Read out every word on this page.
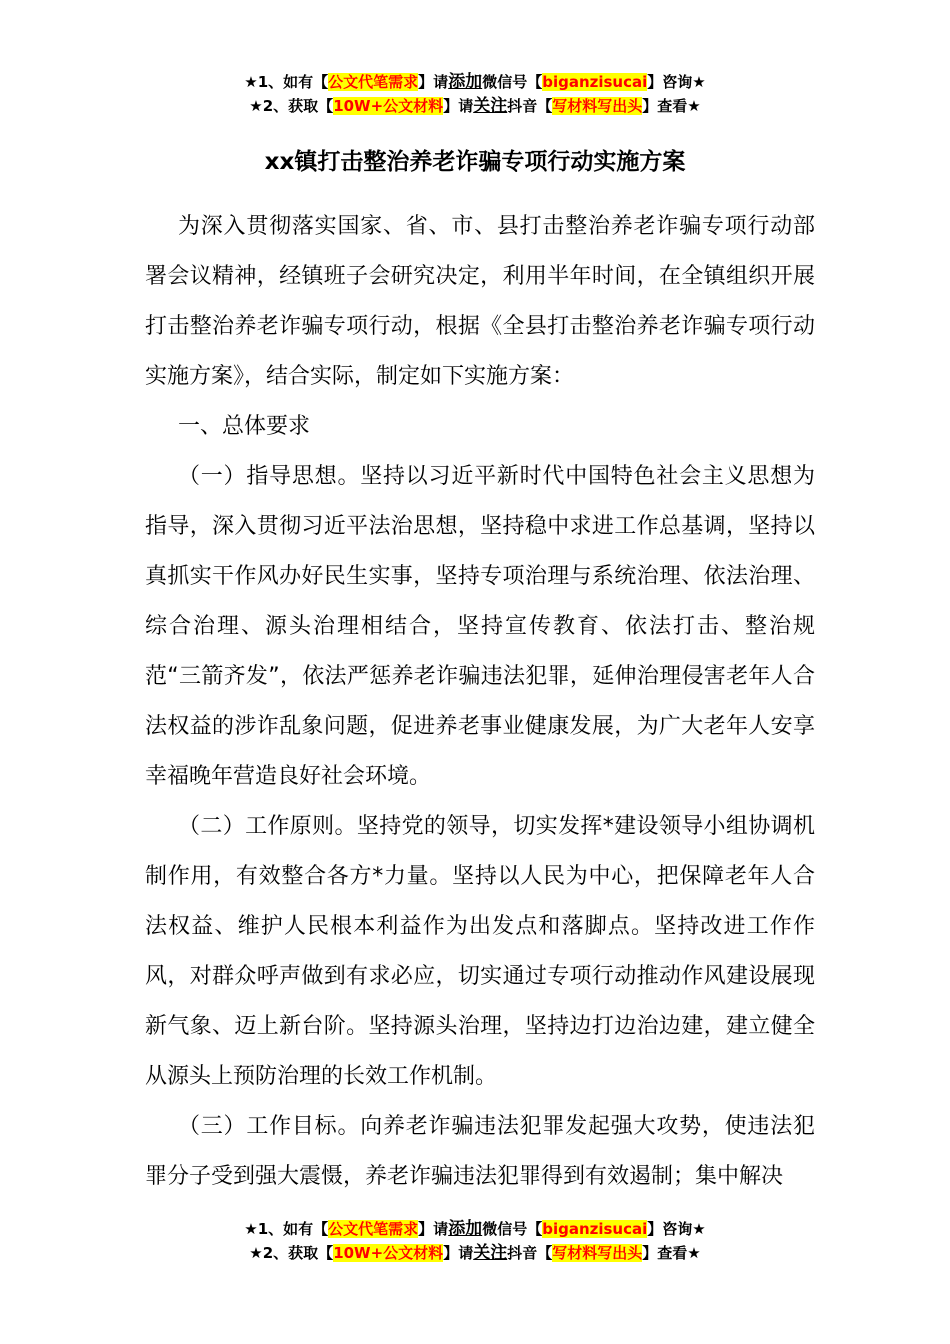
★1、如有【公文代笔需求】请添加微信号【biganzisucai】咨询★
★2、获取【10W+公文材料】请关注抖音【写材料写出头】查看★
xx镇打击整治养老诈骗专项行动实施方案

为深入贯彻落实国家、省、市、县打击整治养老诈骗专项行动部署会议精神，经镇班子会研究决定，利用半年时间，在全镇组织开展打击整治养老诈骗专项行动，根据《全县打击整治养老诈骗专项行动实施方案》，结合实际，制定如下实施方案：

一、总体要求

（一）指导思想。坚持以习近平新时代中国特色社会主义思想为指导，深入贯彻习近平法治思想，坚持稳中求进工作总基调，坚持以真抓实干作风办好民生实事，坚持专项治理与系统治理、依法治理、综合治理、源头治理相结合，坚持宣传教育、依法打击、整治规范“三箭齐发”，依法严惩养老诈骗违法犯罪，延伸治理侵害老年人合法权益的涉诈乱象问题，促进养老事业健康发展，为广大老年人安享幸福晚年营造良好社会环境。

（二）工作原则。坚持党的领导，切实发挥*建设领导小组协调机制作用，有效整合各方*力量。坚持以人民为中心，把保障老年人合法权益、维护人民根本利益作为出发点和落脚点。坚持改进工作作风，对群众呼声做到有求必应，切实通过专项行动推动作风建设展现新气象、迈上新台阶。坚持源头治理，坚持边打边治边建，建立健全从源头上预防治理的长效工作机制。

（三）工作目标。向养老诈骗违法犯罪发起强大攻势，使违法犯罪分子受到强大震慑，养老诈骗违法犯罪得到有效遏制；集中解决

★1、如有【公文代笔需求】请添加微信号【biganzisucai】咨询★
★2、获取【10W+公文材料】请关注抖音【写材料写出头】查看★
